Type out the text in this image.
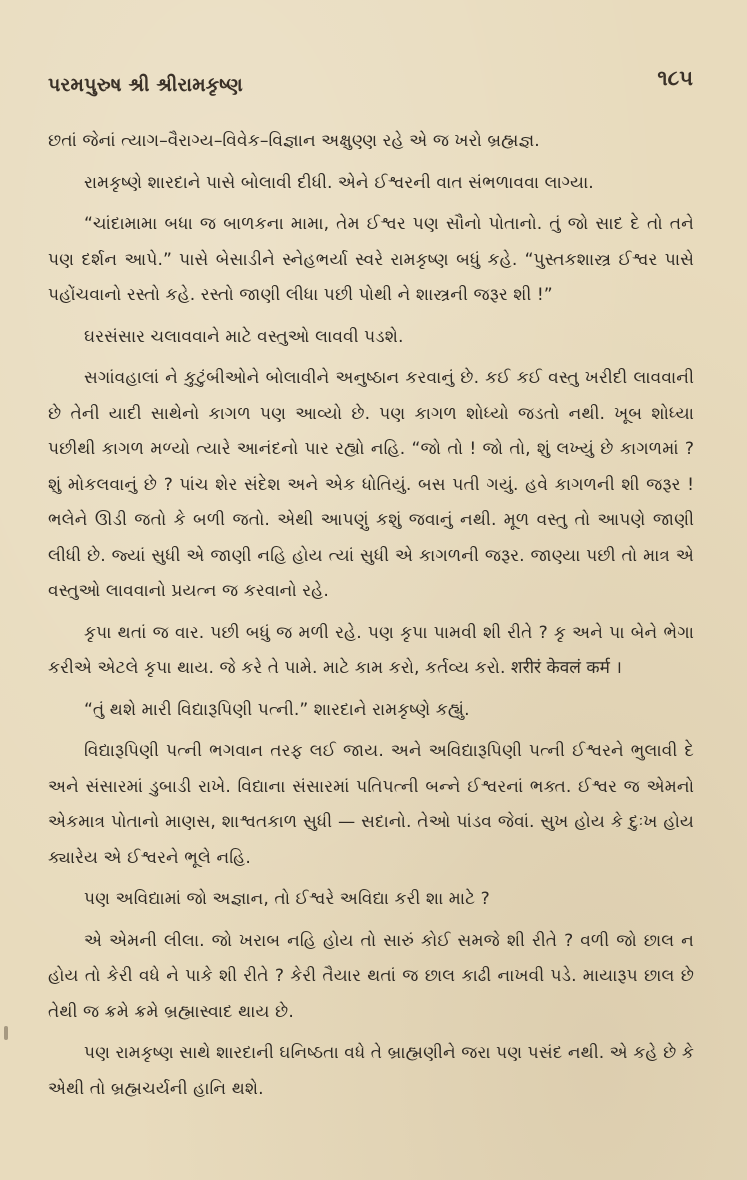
પરમપુરુષ શ્રી શ્રીરામકૃષ્ણ	૧૮૫

છતાં જેનાં ત્યાગ–વૈરાગ્ય–વિવેક–વિજ્ઞાન અક્ષુણ્ણ રહે એ જ ખરો બ્રહ્મજ્ઞ.

રામકૃષ્ણે શારદાને પાસે બોલાવી દીધી. એને ઈશ્વરની વાત સંભળાવવા લાગ્યા.

“ચાંદામામા બધા જ બાળકના મામા, તેમ ઈશ્વર પણ સૌનો પોતાનો. તું જો સાદ દે તો તને પણ દર્શન આપે.” પાસે બેસાડીને સ્નેહભર્યા સ્વરે રામકૃષ્ણ બધું કહે. “પુસ્તકશાસ્ત્ર ઈશ્વર પાસે પહોંચવાનો રસ્તો કહે. રસ્તો જાણી લીધા પછી પોથી ને શાસ્ત્રની જરૂર શી !”

ઘરસંસાર ચલાવવાને માટે વસ્તુઓ લાવવી પડશે.

સગાંવહાલાં ને કુટુંબીઓને બોલાવીને અનુષ્ઠાન કરવાનું છે. કઈ કઈ વસ્તુ ખરીદી લાવવાની છે તેની યાદી સાથેનો કાગળ પણ આવ્યો છે. પણ કાગળ શોધ્યો જડતો નથી. ખૂબ શોધ્યા પછીથી કાગળ મળ્યો ત્યારે આનંદનો પાર રહ્યો નહિ. “જો તો ! જો તો, શું લખ્યું છે કાગળમાં ? શું મોકલવાનું છે ? પાંચ શેર સંદેશ અને એક ધોતિયું. બસ પતી ગયું. હવે કાગળની શી જરૂર ! ભલેને ઊડી જતો કે બળી જતો. એથી આપણું કશું જવાનું નથી. મૂળ વસ્તુ તો આપણે જાણી લીધી છે. જ્યાં સુધી એ જાણી નહિ હોય ત્યાં સુધી એ કાગળની જરૂર. જાણ્યા પછી તો માત્ર એ વસ્તુઓ લાવવાનો પ્રયત્ન જ કરવાનો રહે.

કૃપા થતાં જ વાર. પછી બધું જ મળી રહે. પણ કૃપા પામવી શી રીતે ? કૃ અને પા બેને ભેગા કરીએ એટલે કૃપા થાય. જે કરે તે પામે. માટે કામ કરો, કર્તવ્ય કરો. शरीरं केवलं कर्म ।

“તું થશે મારી વિદ્યારૂપિણી પત્ની.” શારદાને રામકૃષ્ણે કહ્યું.

વિદ્યારૂપિણી પત્ની ભગવાન તરફ લઈ જાય. અને અવિદ્યારૂપિણી પત્ની ઈશ્વરને ભુલાવી દે અને સંસારમાં ડુબાડી રાખે. વિદ્યાના સંસારમાં પતિપત્ની બન્ને ઈશ્વરનાં ભક્ત. ઈશ્વર જ એમનો એકમાત્ર પોતાનો માણસ, શાશ્વતકાળ સુધી — સદાનો. તેઓ પાંડવ જેવાં. સુખ હોય કે દુઃખ હોય ક્યારેય એ ઈશ્વરને ભૂલે નહિ.

પણ અવિદ્યામાં જો અજ્ઞાન, તો ઈશ્વરે અવિદ્યા કરી શા માટે ?

એ એમની લીલા. જો ખરાબ નહિ હોય તો સારું કોઈ સમજે શી રીતે ? વળી જો છાલ ન હોય તો કેરી વધે ને પાકે શી રીતે ? કેરી તૈયાર થતાં જ છાલ કાઢી નાખવી પડે. માયારૂપ છાલ છે તેથી જ ક્રમે ક્રમે બ્રહ્માસ્વાદ થાય છે.

પણ રામકૃષ્ણ સાથે શારદાની ઘનિષ્ઠતા વધે તે બ્રાહ્મણીને જરા પણ પસંદ નથી. એ કહે છે કે એથી તો બ્રહ્મચર્યની હાનિ થશે.
